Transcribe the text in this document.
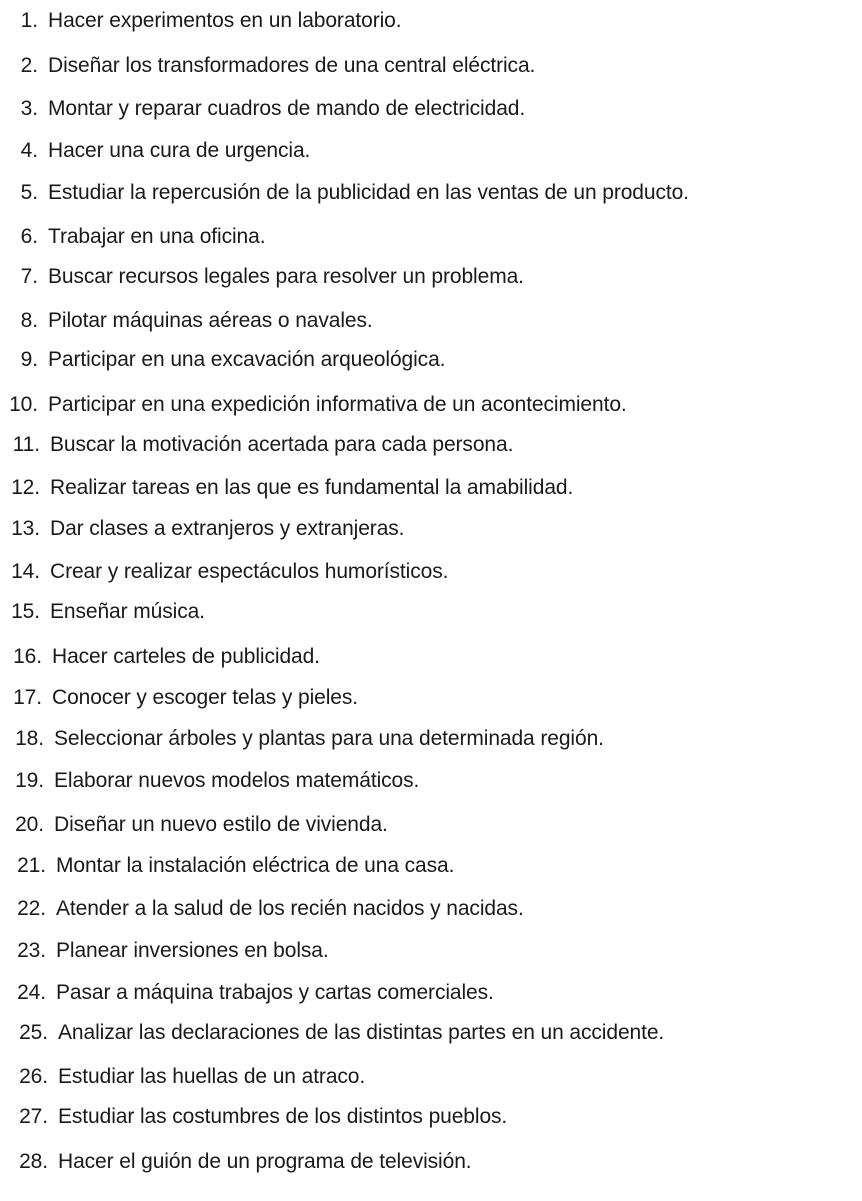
1. Hacer experimentos en un laboratorio.
2. Diseñar los transformadores de una central eléctrica.
3. Montar y reparar cuadros de mando de electricidad.
4. Hacer una cura de urgencia.
5. Estudiar la repercusión de la publicidad en las ventas de un producto.
6. Trabajar en una oficina.
7. Buscar recursos legales para resolver un problema.
8. Pilotar máquinas aéreas o navales.
9. Participar en una excavación arqueológica.
10. Participar en una expedición informativa de un acontecimiento.
11. Buscar la motivación acertada para cada persona.
12. Realizar tareas en las que es fundamental la amabilidad.
13. Dar clases a extranjeros y extranjeras.
14. Crear y realizar espectáculos humorísticos.
15. Enseñar música.
16. Hacer carteles de publicidad.
17. Conocer y escoger telas y pieles.
18. Seleccionar árboles y plantas para una determinada región.
19. Elaborar nuevos modelos matemáticos.
20. Diseñar un nuevo estilo de vivienda.
21. Montar la instalación eléctrica de una casa.
22. Atender a la salud de los recién nacidos y nacidas.
23. Planear inversiones en bolsa.
24. Pasar a máquina trabajos y cartas comerciales.
25. Analizar las declaraciones de las distintas partes en un accidente.
26. Estudiar las huellas de un atraco.
27. Estudiar las costumbres de los distintos pueblos.
28. Hacer el guión de un programa de televisión.
